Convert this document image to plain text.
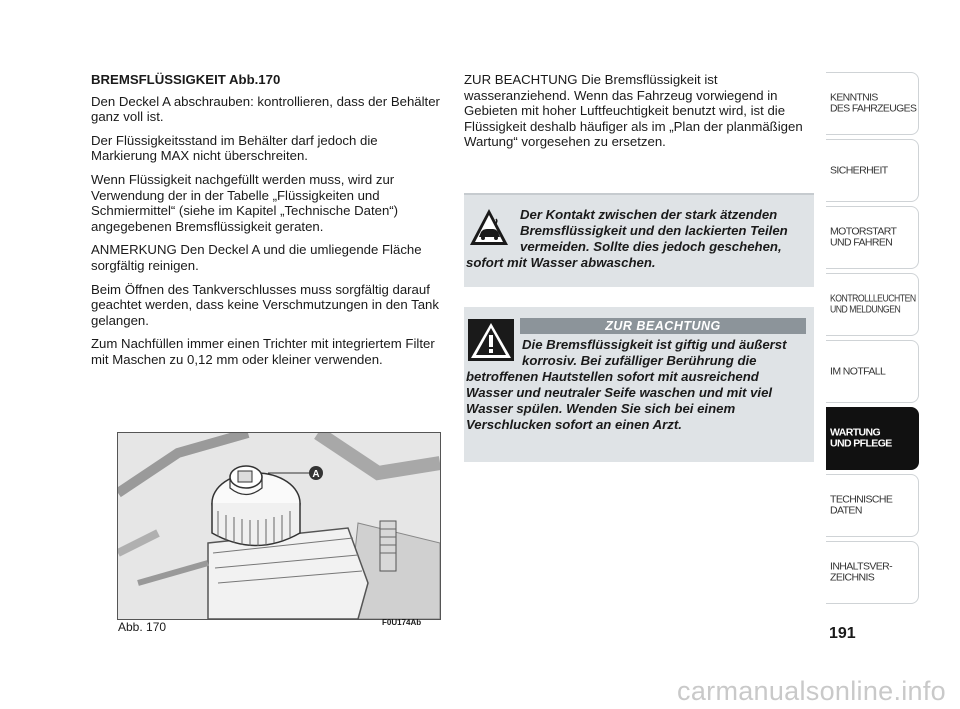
BREMSFLÜSSIGKEIT Abb.170

Den Deckel A abschrauben: kontrollieren, dass der Behälter ganz voll ist.

Der Flüssigkeitsstand im Behälter darf jedoch die Markierung MAX nicht überschreiten.

Wenn Flüssigkeit nachgefüllt werden muss, wird zur Verwendung der in der Tabelle „Flüssigkeiten und Schmiermittel“ (siehe im Kapitel „Technische Daten“) angegebenen Bremsflüssigkeit geraten.

ANMERKUNG Den Deckel A und die umliegende Fläche sorgfältig reinigen.

Beim Öffnen des Tankverschlusses muss sorgfältig darauf geachtet werden, dass keine Verschmutzungen in den Tank gelangen.

Zum Nachfüllen immer einen Trichter mit integriertem Filter mit Maschen zu 0,12 mm oder kleiner verwenden.

ZUR BEACHTUNG Die Bremsflüssigkeit ist wasseranziehend. Wenn das Fahrzeug vorwiegend in Gebieten mit hoher Luftfeuchtigkeit benutzt wird, ist die Flüssigkeit deshalb häufiger als im „Plan der planmäßigen Wartung“ vorgesehen zu ersetzen.
Der Kontakt zwischen der stark ätzenden Bremsflüssigkeit und den lackierten Teilen vermeiden. Sollte dies jedoch geschehen, sofort mit Wasser abwaschen.
ZUR BEACHTUNG
Die Bremsflüssigkeit ist giftig und äußerst korrosiv. Bei zufälliger Berührung die betroffenen Hautstellen sofort mit ausreichend Wasser und neutraler Seife waschen und mit viel Wasser spülen. Wenden Sie sich bei einem Verschlucken sofort an einen Arzt.
A
Abb. 170	F0U174Ab
KENNTNIS
DES FAHRZEUGES
SICHERHEIT
MOTORSTART
UND FAHREN
KONTROLLLEUCHTEN
UND MELDUNGEN
IM NOTFALL
WARTUNG
UND PFLEGE
TECHNISCHE
DATEN
INHALTSVER-
ZEICHNIS
191
carmanualsonline.info
